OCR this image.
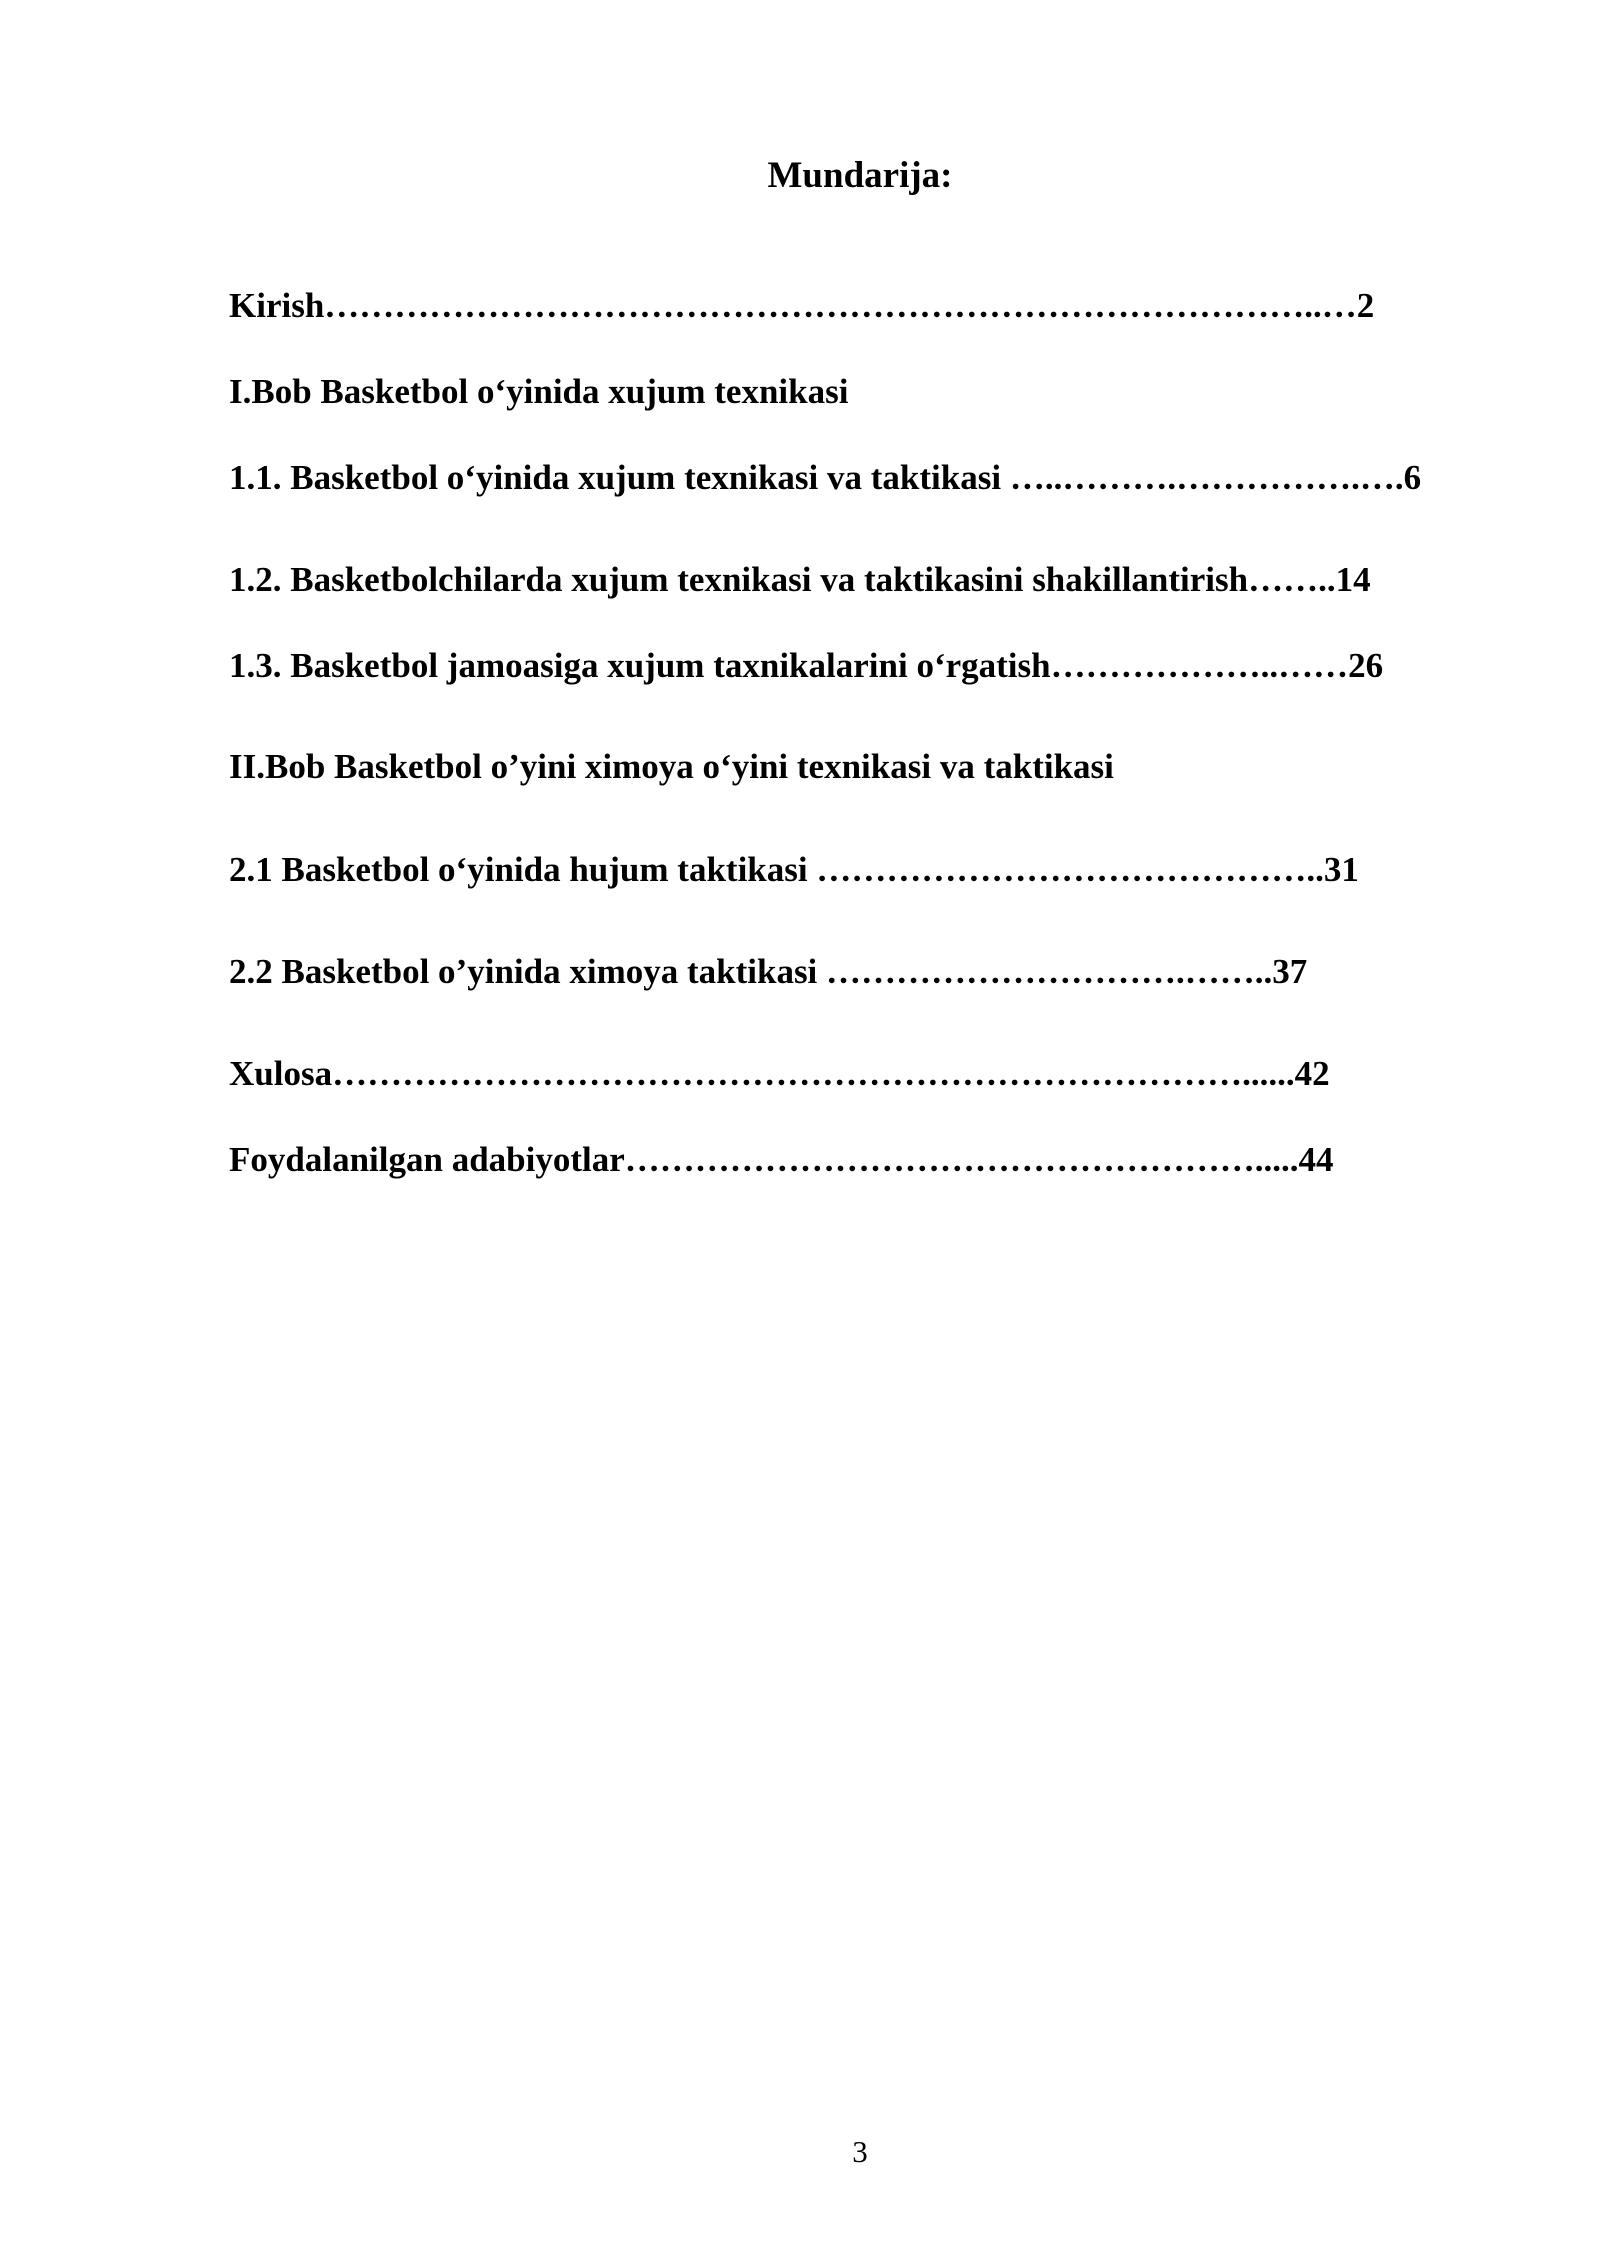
Mundarija:
Kirish…………………………………………………………………………..…2
I.Bob Basketbol o‘yinida xujum texnikasi
1.1. Basketbol o‘yinida xujum texnikasi va taktikasi …..……….…………….….6
1.2. Basketbolchilarda xujum texnikasi va taktikasini shakillantirish……..14
1.3. Basketbol jamoasiga xujum taxnikalarini o‘rgatish………………..……26
II.Bob Basketbol o’yini ximoya o‘yini texnikasi va taktikasi
2.1 Basketbol o‘yinida hujum taktikasi ……………………………………..31
2.2 Basketbol o’yinida ximoya taktikasi ………………………….……..37
Xulosa……………………………………………………………………......42
Foydalanilgan adabiyotlar……………………………………………….....44
3
